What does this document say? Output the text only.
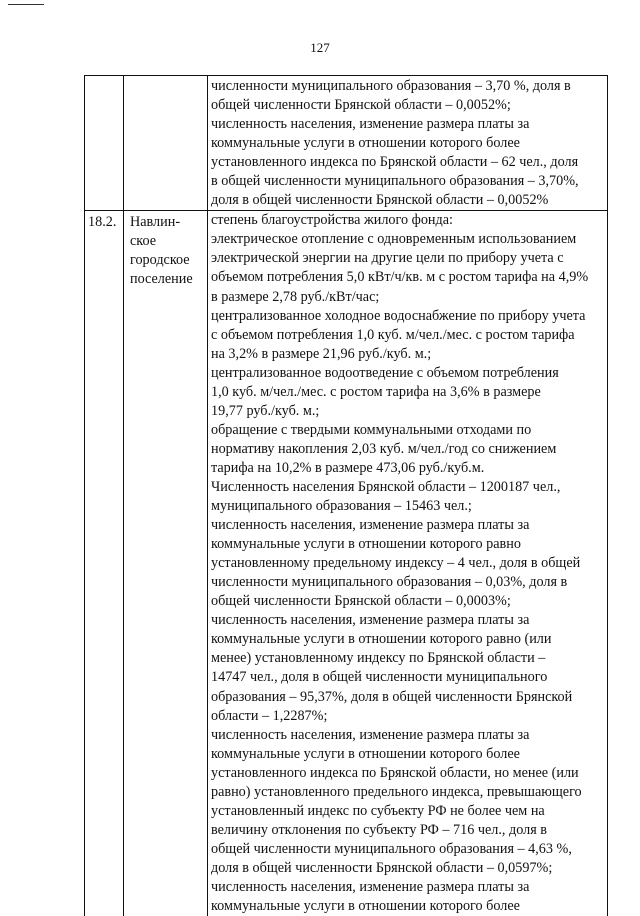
127
численности муниципального образования – 3,70 %, доля в
общей численности Брянской области – 0,0052%;
численность населения, изменение размера платы за
коммунальные услуги в отношении которого более
установленного индекса по Брянской области – 62 чел., доля
в общей численности муниципального образования – 3,70%,
доля в общей численности Брянской области – 0,0052%
18.2. Навлин-
ское
городское
поселение
степень благоустройства жилого фонда:
электрическое отопление с одновременным использованием
электрической энергии на другие цели по прибору учета с
объемом потребления 5,0 кВт/ч/кв. м с ростом тарифа на 4,9%
в размере 2,78 руб./кВт/час;
централизованное холодное водоснабжение по прибору учета
с объемом потребления 1,0 куб. м/чел./мес. с ростом тарифа
на 3,2% в размере 21,96 руб./куб. м.;
централизованное водоотведение с объемом потребления
1,0 куб. м/чел./мес. с ростом тарифа на 3,6% в размере
19,77 руб./куб. м.;
обращение с твердыми коммунальными отходами по
нормативу накопления 2,03 куб. м/чел./год со снижением
тарифа на 10,2% в размере 473,06 руб./куб.м.
Численность населения Брянской области – 1200187 чел.,
муниципального образования – 15463 чел.;
численность населения, изменение размера платы за
коммунальные услуги в отношении которого равно
установленному предельному индексу – 4 чел., доля в общей
численности муниципального образования – 0,03%, доля в
общей численности Брянской области – 0,0003%;
численность населения, изменение размера платы за
коммунальные услуги в отношении которого равно (или
менее) установленному индексу по Брянской области –
14747 чел., доля в общей численности муниципального
образования – 95,37%, доля в общей численности Брянской
области – 1,2287%;
численность населения, изменение размера платы за
коммунальные услуги в отношении которого более
установленного индекса по Брянской области, но менее (или
равно) установленного предельного индекса, превышающего
установленный индекс по субъекту РФ не более чем на
величину отклонения по субъекту РФ – 716 чел., доля в
общей численности муниципального образования – 4,63 %,
доля в общей численности Брянской области – 0,0597%;
численность населения, изменение размера платы за
коммунальные услуги в отношении которого более
